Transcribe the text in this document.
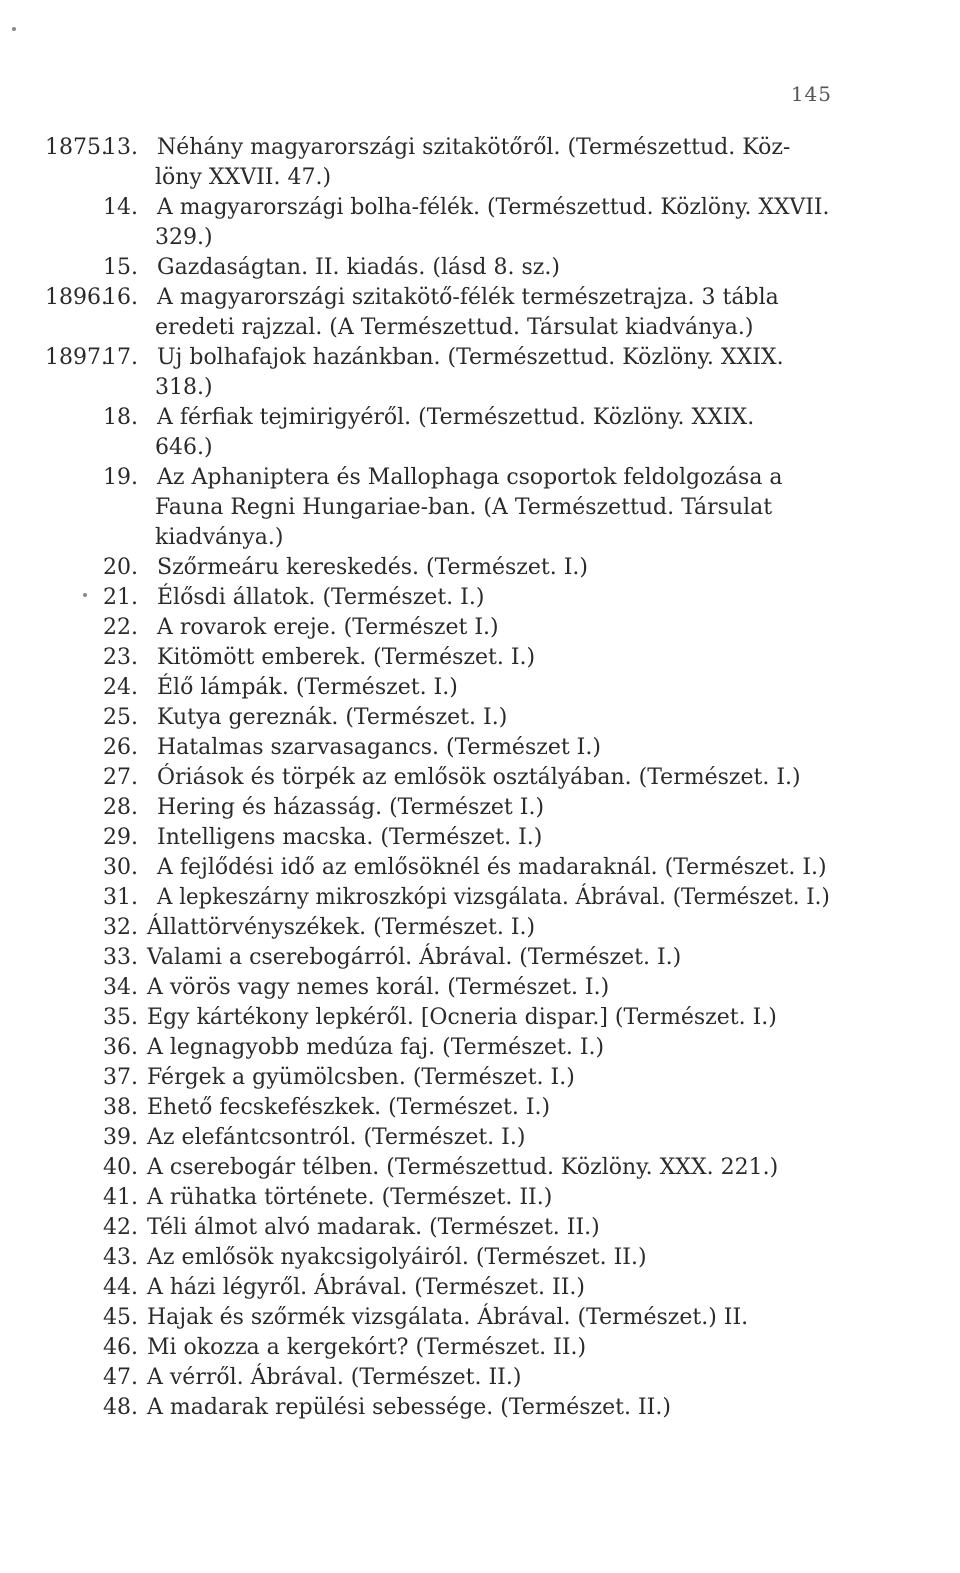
145
1875.
13. Néhány magyarországi szitakötőről. (Természettud. Köz-
löny XXVII. 47.)
14. A magyarországi bolha-félék. (Természettud. Közlöny. XXVII.
329.)
15. Gazdaságtan. II. kiadás. (lásd 8. sz.)
1896.
16. A magyarországi szitakötő-félék természetrajza. 3 tábla
eredeti rajzzal. (A Természettud. Társulat kiadványa.)
1897.
17. Uj bolhafajok hazánkban. (Természettud. Közlöny. XXIX.
318.)
18. A férfiak tejmirigyéről. (Természettud. Közlöny. XXIX.
646.)
19. Az Aphaniptera és Mallophaga csoportok feldolgozása a
Fauna Regni Hungariae-ban. (A Természettud. Társulat
kiadványa.)
20. Szőrmeáru kereskedés. (Természet. I.)
21. Élősdi állatok. (Természet. I.)
22. A rovarok ereje. (Természet I.)
23. Kitömött emberek. (Természet. I.)
24. Élő lámpák. (Természet. I.)
25. Kutya gereznák. (Természet. I.)
26. Hatalmas szarvasagancs. (Természet I.)
27. Óriások és törpék az emlősök osztályában. (Természet. I.)
28. Hering és házasság. (Természet I.)
29. Intelligens macska. (Természet. I.)
30. A fejlődési idő az emlősöknél és madaraknál. (Természet. I.)
31. A lepkeszárny mikroszkópi vizsgálata. Ábrával. (Természet. I.)
32. Állattörvényszékek. (Természet. I.)
33. Valami a cserebogárról. Ábrával. (Természet. I.)
34. A vörös vagy nemes korál. (Természet. I.)
35. Egy kártékony lepkéről. [Ocneria dispar.] (Természet. I.)
36. A legnagyobb medúza faj. (Természet. I.)
37. Férgek a gyümölcsben. (Természet. I.)
38. Ehető fecskefészkek. (Természet. I.)
39. Az elefántcsontról. (Természet. I.)
40. A cserebogár télben. (Természettud. Közlöny. XXX. 221.)
41. A rühatka története. (Természet. II.)
42. Téli álmot alvó madarak. (Természet. II.)
43. Az emlősök nyakcsigolyáiról. (Természet. II.)
44. A házi légyről. Ábrával. (Természet. II.)
45. Hajak és szőrmék vizsgálata. Ábrával. (Természet.) II.
46. Mi okozza a kergekórt? (Természet. II.)
47. A vérről. Ábrával. (Természet. II.)
48. A madarak repülési sebessége. (Természet. II.)
